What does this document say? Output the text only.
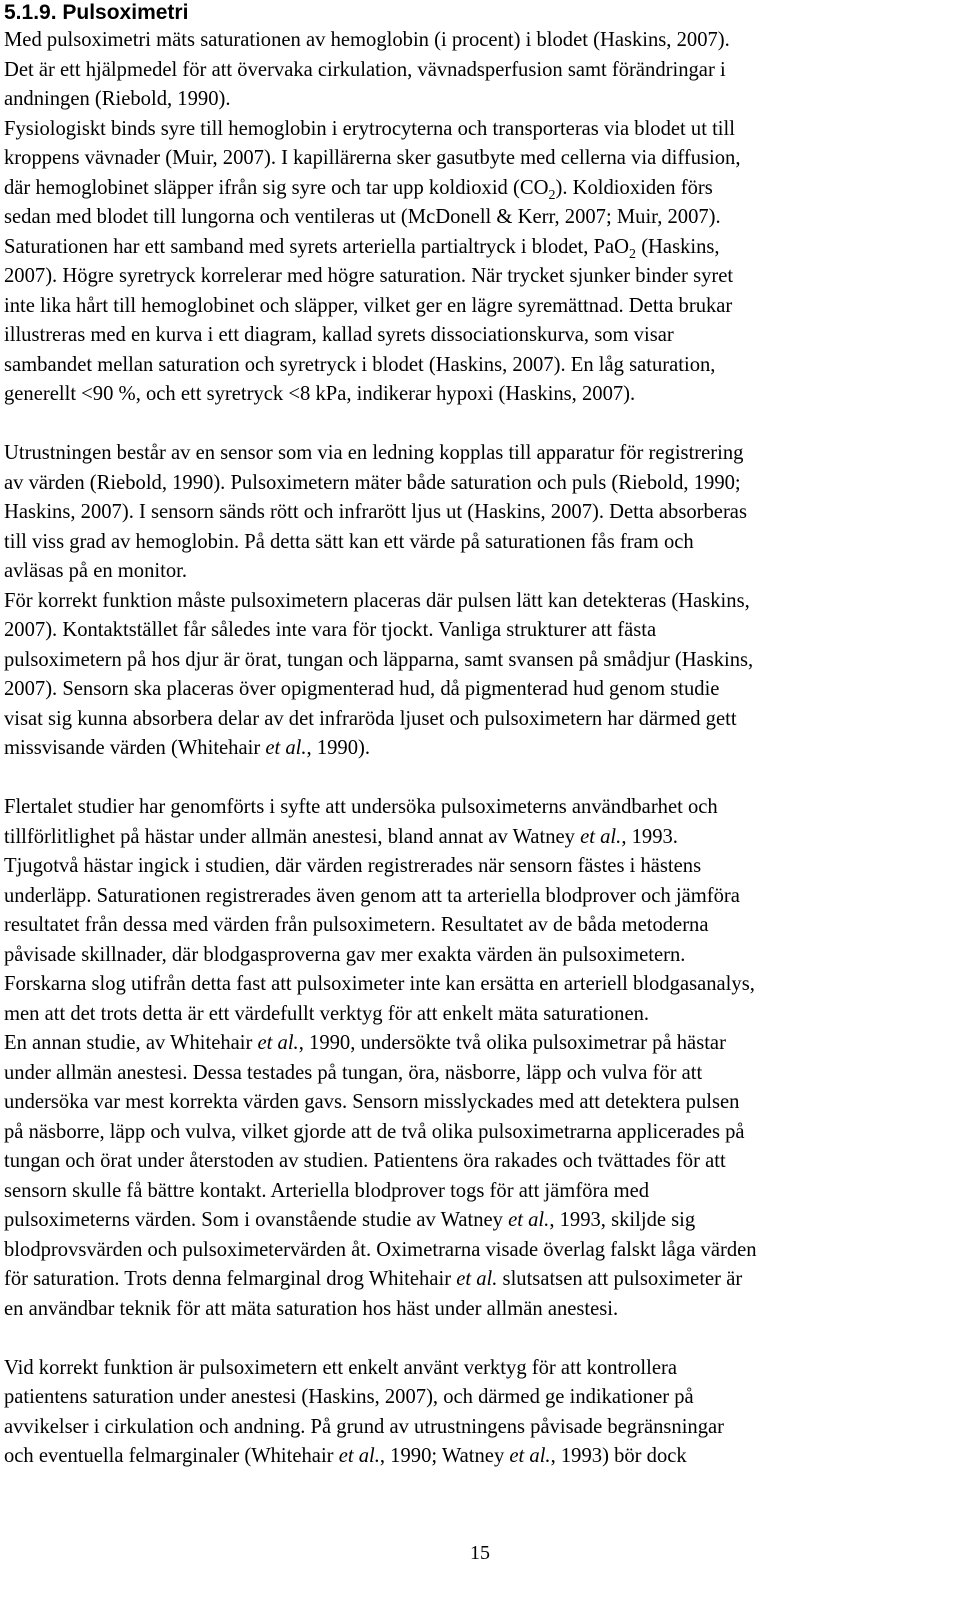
5.1.9. Pulsoximetri
Med pulsoximetri mäts saturationen av hemoglobin (i procent) i blodet (Haskins, 2007).
Det är ett hjälpmedel för att övervaka cirkulation, vävnadsperfusion samt förändringar i
andningen (Riebold, 1990).
Fysiologiskt binds syre till hemoglobin i erytrocyterna och transporteras via blodet ut till
kroppens vävnader (Muir, 2007). I kapillärerna sker gasutbyte med cellerna via diffusion,
där hemoglobinet släpper ifrån sig syre och tar upp koldioxid $(CO_2)$. Koldioxiden förs
sedan med blodet till lungorna och ventileras ut (McDonell & Kerr, 2007; Muir, 2007).
Saturationen har ett samband med syrets arteriella partialtryck i blodet, PaO$_2$ (Haskins,
2007). Högre syretryck korrelerar med högre saturation. När trycket sjunker binder syret
inte lika hårt till hemoglobinet och släpper, vilket ger en lägre syremättnad. Detta brukar
illustreras med en kurva i ett diagram, kallad syrets dissociationskurva, som visar
sambandet mellan saturation och syretryck i blodet (Haskins, 2007). En låg saturation,
generellt <90 %, och ett syretryck <8 kPa, indikerar hypoxi (Haskins, 2007).
Utrustningen består av en sensor som via en ledning kopplas till apparatur för registrering
av värden (Riebold, 1990). Pulsoximetern mäter både saturation och puls (Riebold, 1990;
Haskins, 2007). I sensorn sänds rött och infrarött ljus ut (Haskins, 2007). Detta absorberas
till viss grad av hemoglobin. På detta sätt kan ett värde på saturationen fås fram och
avläsas på en monitor.
För korrekt funktion måste pulsoximetern placeras där pulsen lätt kan detekteras (Haskins,
2007). Kontaktstället får således inte vara för tjockt. Vanliga strukturer att fästa
pulsoximetern på hos djur är örat, tungan och läpparna, samt svansen på smådjur (Haskins,
2007). Sensorn ska placeras över opigmenterad hud, då pigmenterad hud genom studie
visat sig kunna absorbera delar av det infraröda ljuset och pulsoximetern har därmed gett
missvisande värden (Whitehair et al., 1990).
Flertalet studier har genomförts i syfte att undersöka pulsoximeterns användbarhet och
tillförlitlighet på hästar under allmän anestesi, bland annat av Watney et al., 1993.
Tjugotvå hästar ingick i studien, där värden registrerades när sensorn fästes i hästens
underläpp. Saturationen registrerades även genom att ta arteriella blodprover och jämföra
resultatet från dessa med värden från pulsoximetern. Resultatet av de båda metoderna
påvisade skillnader, där blodgasproverna gav mer exakta värden än pulsoximetern.
Forskarna slog utifrån detta fast att pulsoximeter inte kan ersätta en arteriell blodgasanalys,
men att det trots detta är ett värdefullt verktyg för att enkelt mäta saturationen.
En annan studie, av Whitehair et al., 1990, undersökte två olika pulsoximetrar på hästar
under allmän anestesi. Dessa testades på tungan, öra, näsborre, läpp och vulva för att
undersöka var mest korrekta värden gavs. Sensorn misslyckades med att detektera pulsen
på näsborre, läpp och vulva, vilket gjorde att de två olika pulsoximetrarna applicerades på
tungan och örat under återstoden av studien. Patientens öra rakades och tvättades för att
sensorn skulle få bättre kontakt. Arteriella blodprover togs för att jämföra med
pulsoximeterns värden. Som i ovanstående studie av Watney et al., 1993, skiljde sig
blodprovsvärden och pulsoximetervärden åt. Oximetrarna visade överlag falskt låga värden
för saturation. Trots denna felmarginal drog Whitehair et al. slutsatsen att pulsoximeter är
en användbar teknik för att mäta saturation hos häst under allmän anestesi.
Vid korrekt funktion är pulsoximetern ett enkelt använt verktyg för att kontrollera
patientens saturation under anestesi (Haskins, 2007), och därmed ge indikationer på
avvikelser i cirkulation och andning. På grund av utrustningens påvisade begränsningar
och eventuella felmarginaler (Whitehair et al., 1990; Watney et al., 1993) bör dock
15
